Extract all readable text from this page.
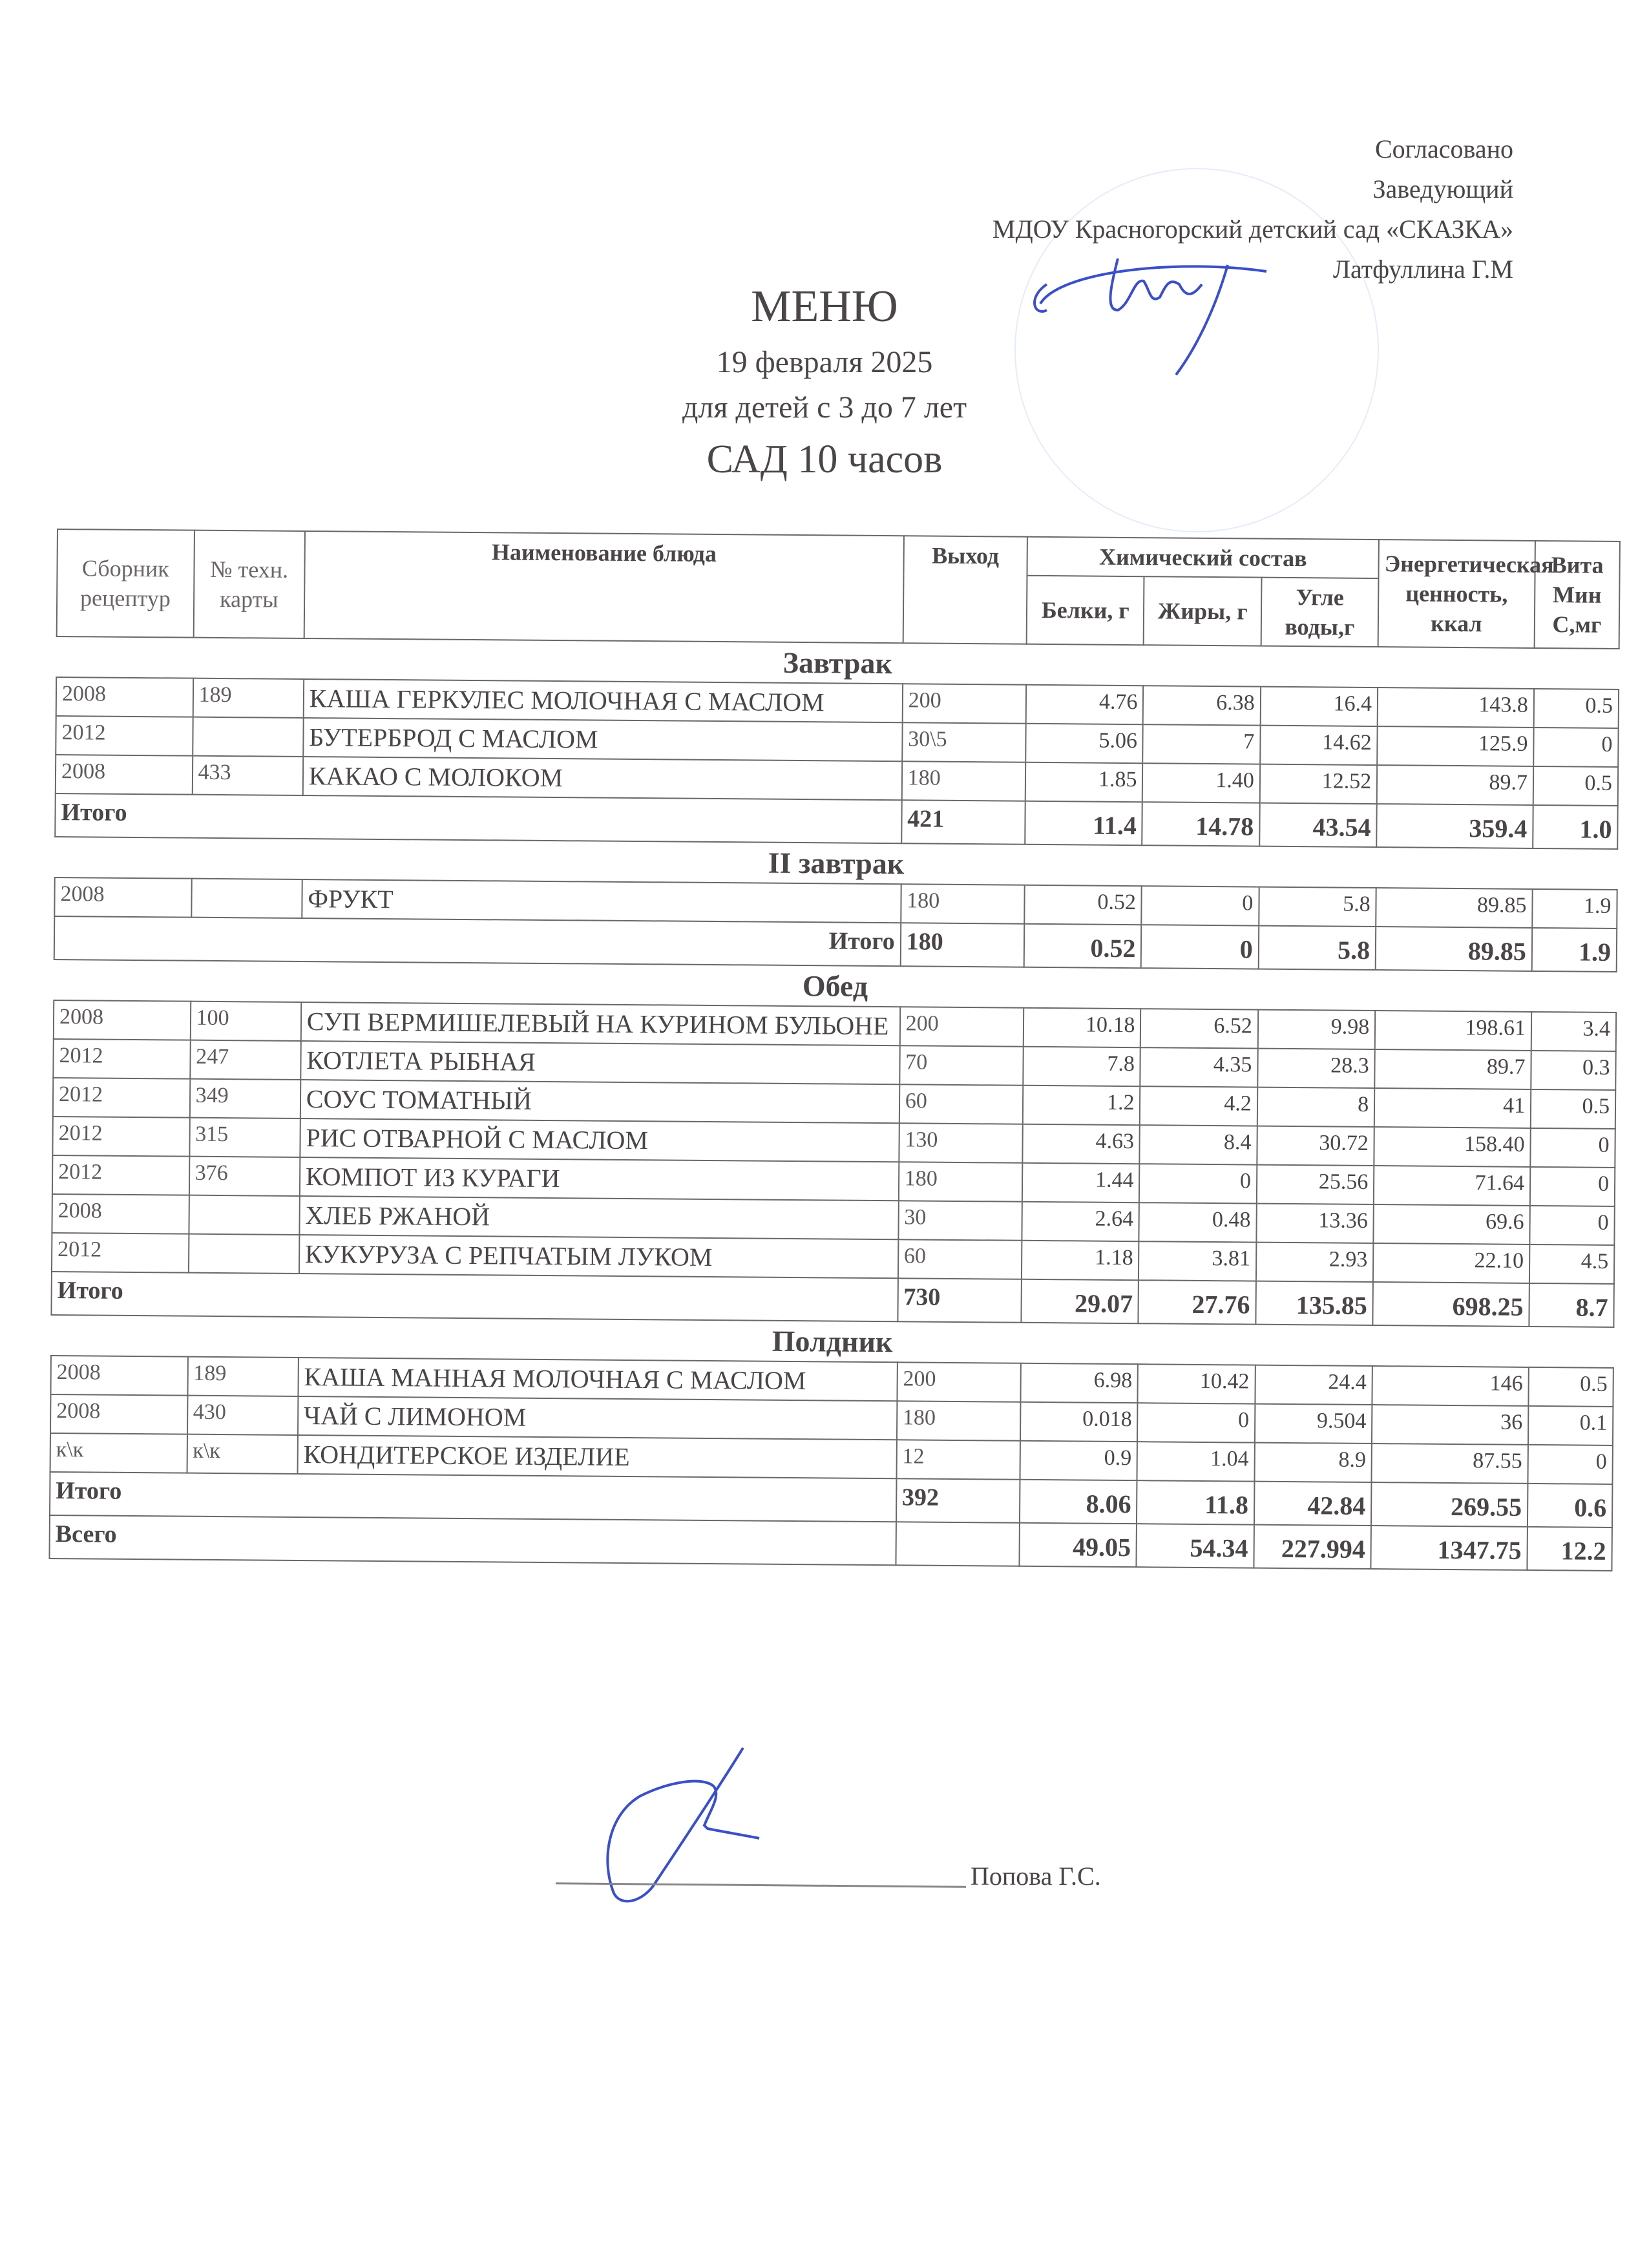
Согласовано
Заведующий
МДОУ Красногорский детский сад «СКАЗКА»
Латфуллина Г.М
МЕНЮ
19 февраля 2025
для детей с 3 до 7 лет
САД 10 часов
Сборник рецептур	№ техн. карты	Наименование блюда	Выход	Химический состав			Энергетическая ценность, ккал	Вита Мин С,мг
				Белки, г	Жиры, г	Угле воды,г		
Завтрак								
2008	189	КАША ГЕРКУЛЕС МОЛОЧНАЯ С МАСЛОМ	200	4.76	6.38	16.4	143.8	0.5
2012		БУТЕРБРОД С МАСЛОМ	30\5	5.06	7	14.62	125.9	0
2008	433	КАКАО С МОЛОКОМ	180	1.85	1.40	12.52	89.7	0.5
Итого			421	11.4	14.78	43.54	359.4	1.0
II завтрак								
2008		ФРУКТ	180	0.52	0	5.8	89.85	1.9
Итого			180	0.52	0	5.8	89.85	1.9
Обед								
2008	100	СУП ВЕРМИШЕЛЕВЫЙ НА КУРИНОМ БУЛЬОНЕ	200	10.18	6.52	9.98	198.61	3.4
2012	247	КОТЛЕТА РЫБНАЯ	70	7.8	4.35	28.3	89.7	0.3
2012	349	СОУС ТОМАТНЫЙ	60	1.2	4.2	8	41	0.5
2012	315	РИС ОТВАРНОЙ С МАСЛОМ	130	4.63	8.4	30.72	158.40	0
2012	376	КОМПОТ ИЗ КУРАГИ	180	1.44	0	25.56	71.64	0
2008		ХЛЕБ РЖАНОЙ	30	2.64	0.48	13.36	69.6	0
2012		КУКУРУЗА С РЕПЧАТЫМ ЛУКОМ	60	1.18	3.81	2.93	22.10	4.5
Итого			730	29.07	27.76	135.85	698.25	8.7
Полдник								
2008	189	КАША МАННАЯ МОЛОЧНАЯ С МАСЛОМ	200	6.98	10.42	24.4	146	0.5
2008	430	ЧАЙ С ЛИМОНОМ	180	0.018	0	9.504	36	0.1
к\к	к\к	КОНДИТЕРСКОЕ ИЗДЕЛИЕ	12	0.9	1.04	8.9	87.55	0
Итого			392	8.06	11.8	42.84	269.55	0.6
Всего				49.05	54.34	227.994	1347.75	12.2
Попова Г.С.
